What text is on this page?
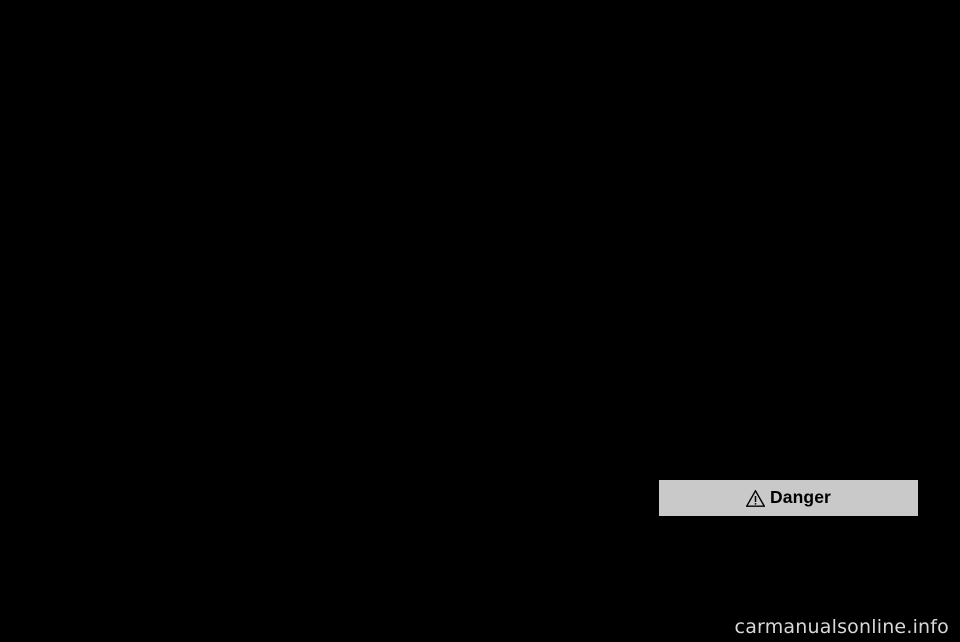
Danger
carmanualsonline.info
